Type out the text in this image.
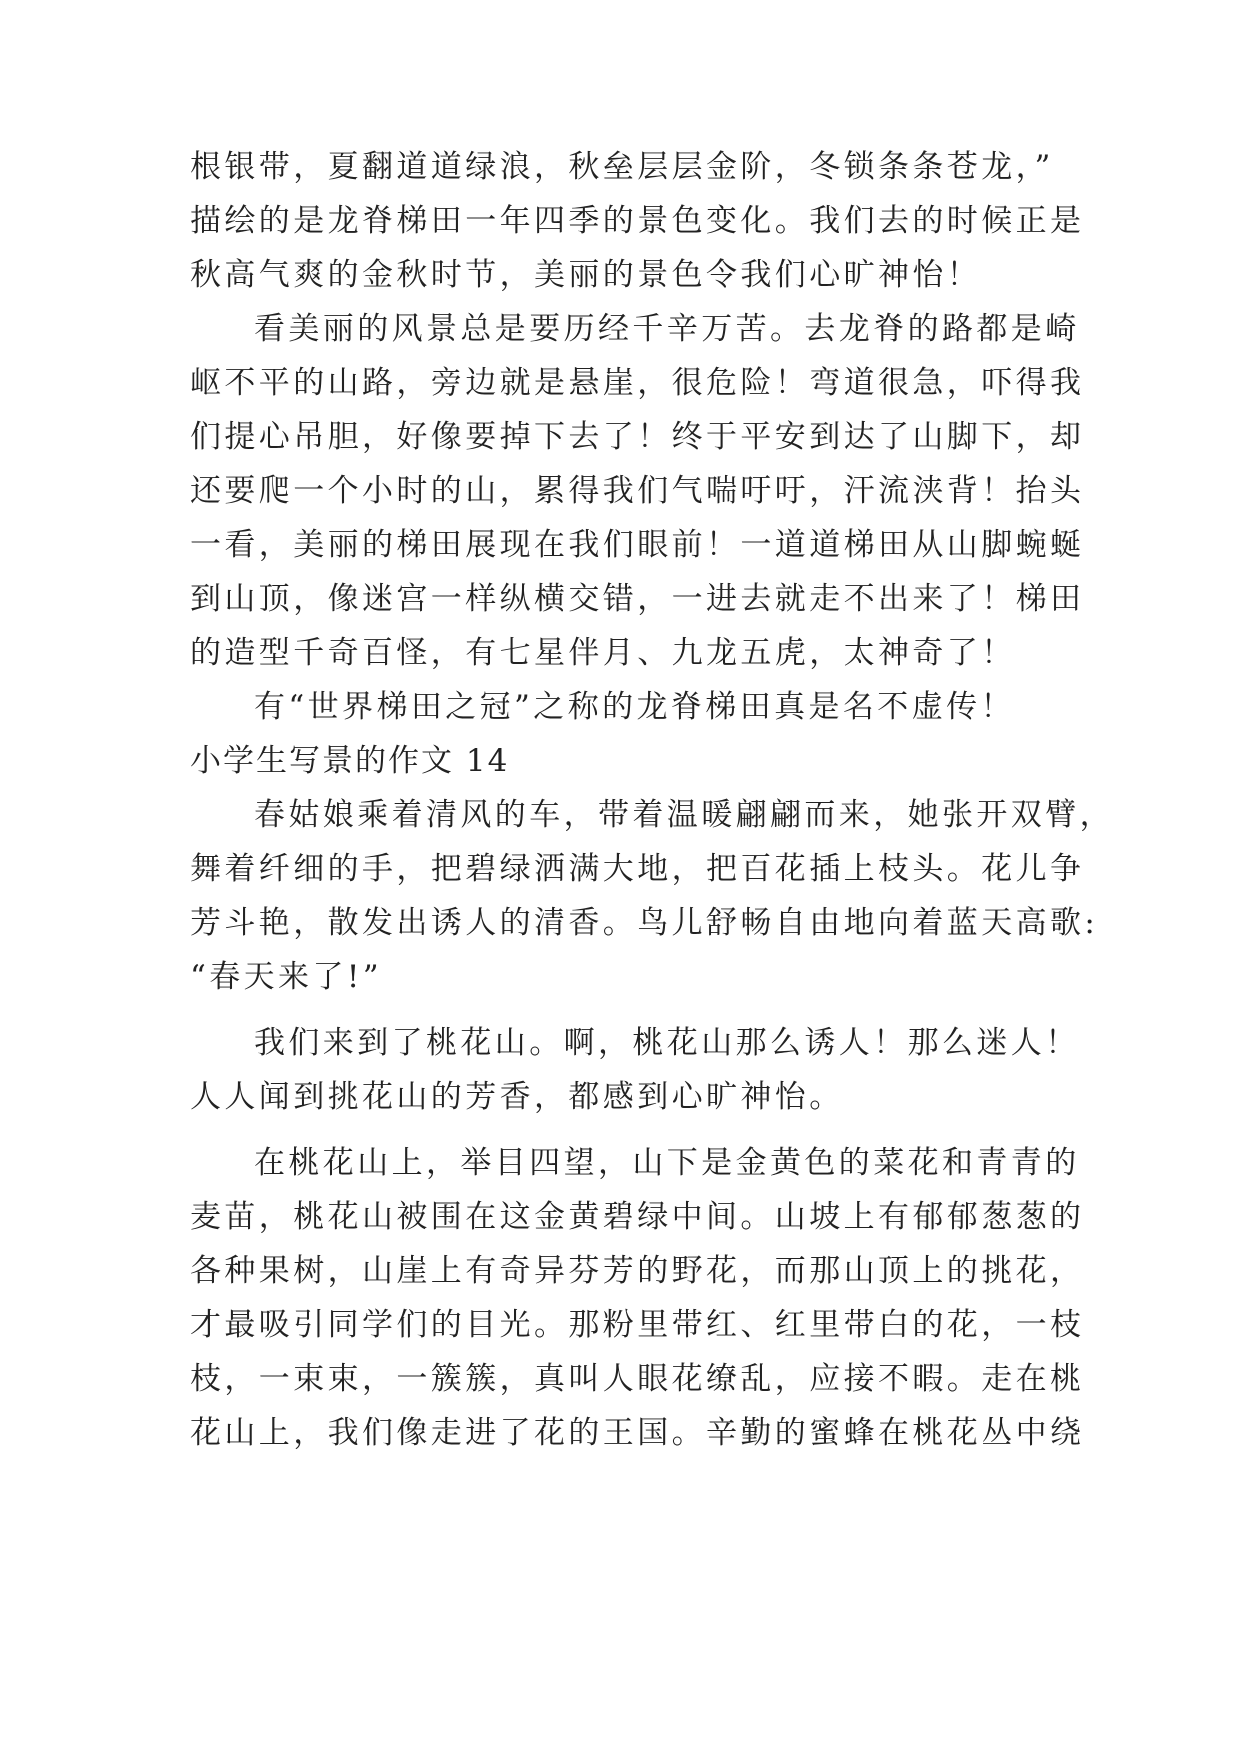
根银带，夏翻道道绿浪，秋垒层层金阶，冬锁条条苍龙，”
描绘的是龙脊梯田一年四季的景色变化。我们去的时候正是
秋高气爽的金秋时节，美丽的景色令我们心旷神怡！
看美丽的风景总是要历经千辛万苦。去龙脊的路都是崎
岖不平的山路，旁边就是悬崖，很危险！弯道很急，吓得我
们提心吊胆，好像要掉下去了！终于平安到达了山脚下，却
还要爬一个小时的山，累得我们气喘吁吁，汗流浃背！抬头
一看，美丽的梯田展现在我们眼前！一道道梯田从山脚蜿蜒
到山顶，像迷宫一样纵横交错，一进去就走不出来了！梯田
的造型千奇百怪，有七星伴月、九龙五虎，太神奇了！
有“世界梯田之冠”之称的龙脊梯田真是名不虚传！
小学生写景的作文 14
春姑娘乘着清风的车，带着温暖翩翩而来，她张开双臂，
舞着纤细的手，把碧绿洒满大地，把百花插上枝头。花儿争
芳斗艳，散发出诱人的清香。鸟儿舒畅自由地向着蓝天高歌:
“春天来了!”
我们来到了桃花山。啊，桃花山那么诱人！那么迷人！
人人闻到挑花山的芳香，都感到心旷神怡。
在桃花山上，举目四望，山下是金黄色的菜花和青青的
麦苗，桃花山被围在这金黄碧绿中间。山坡上有郁郁葱葱的
各种果树，山崖上有奇异芬芳的野花，而那山顶上的挑花，
才最吸引同学们的目光。那粉里带红、红里带白的花，一枝
枝，一束束，一簇簇，真叫人眼花缭乱，应接不暇。走在桃
花山上，我们像走进了花的王国。辛勤的蜜蜂在桃花丛中绕
